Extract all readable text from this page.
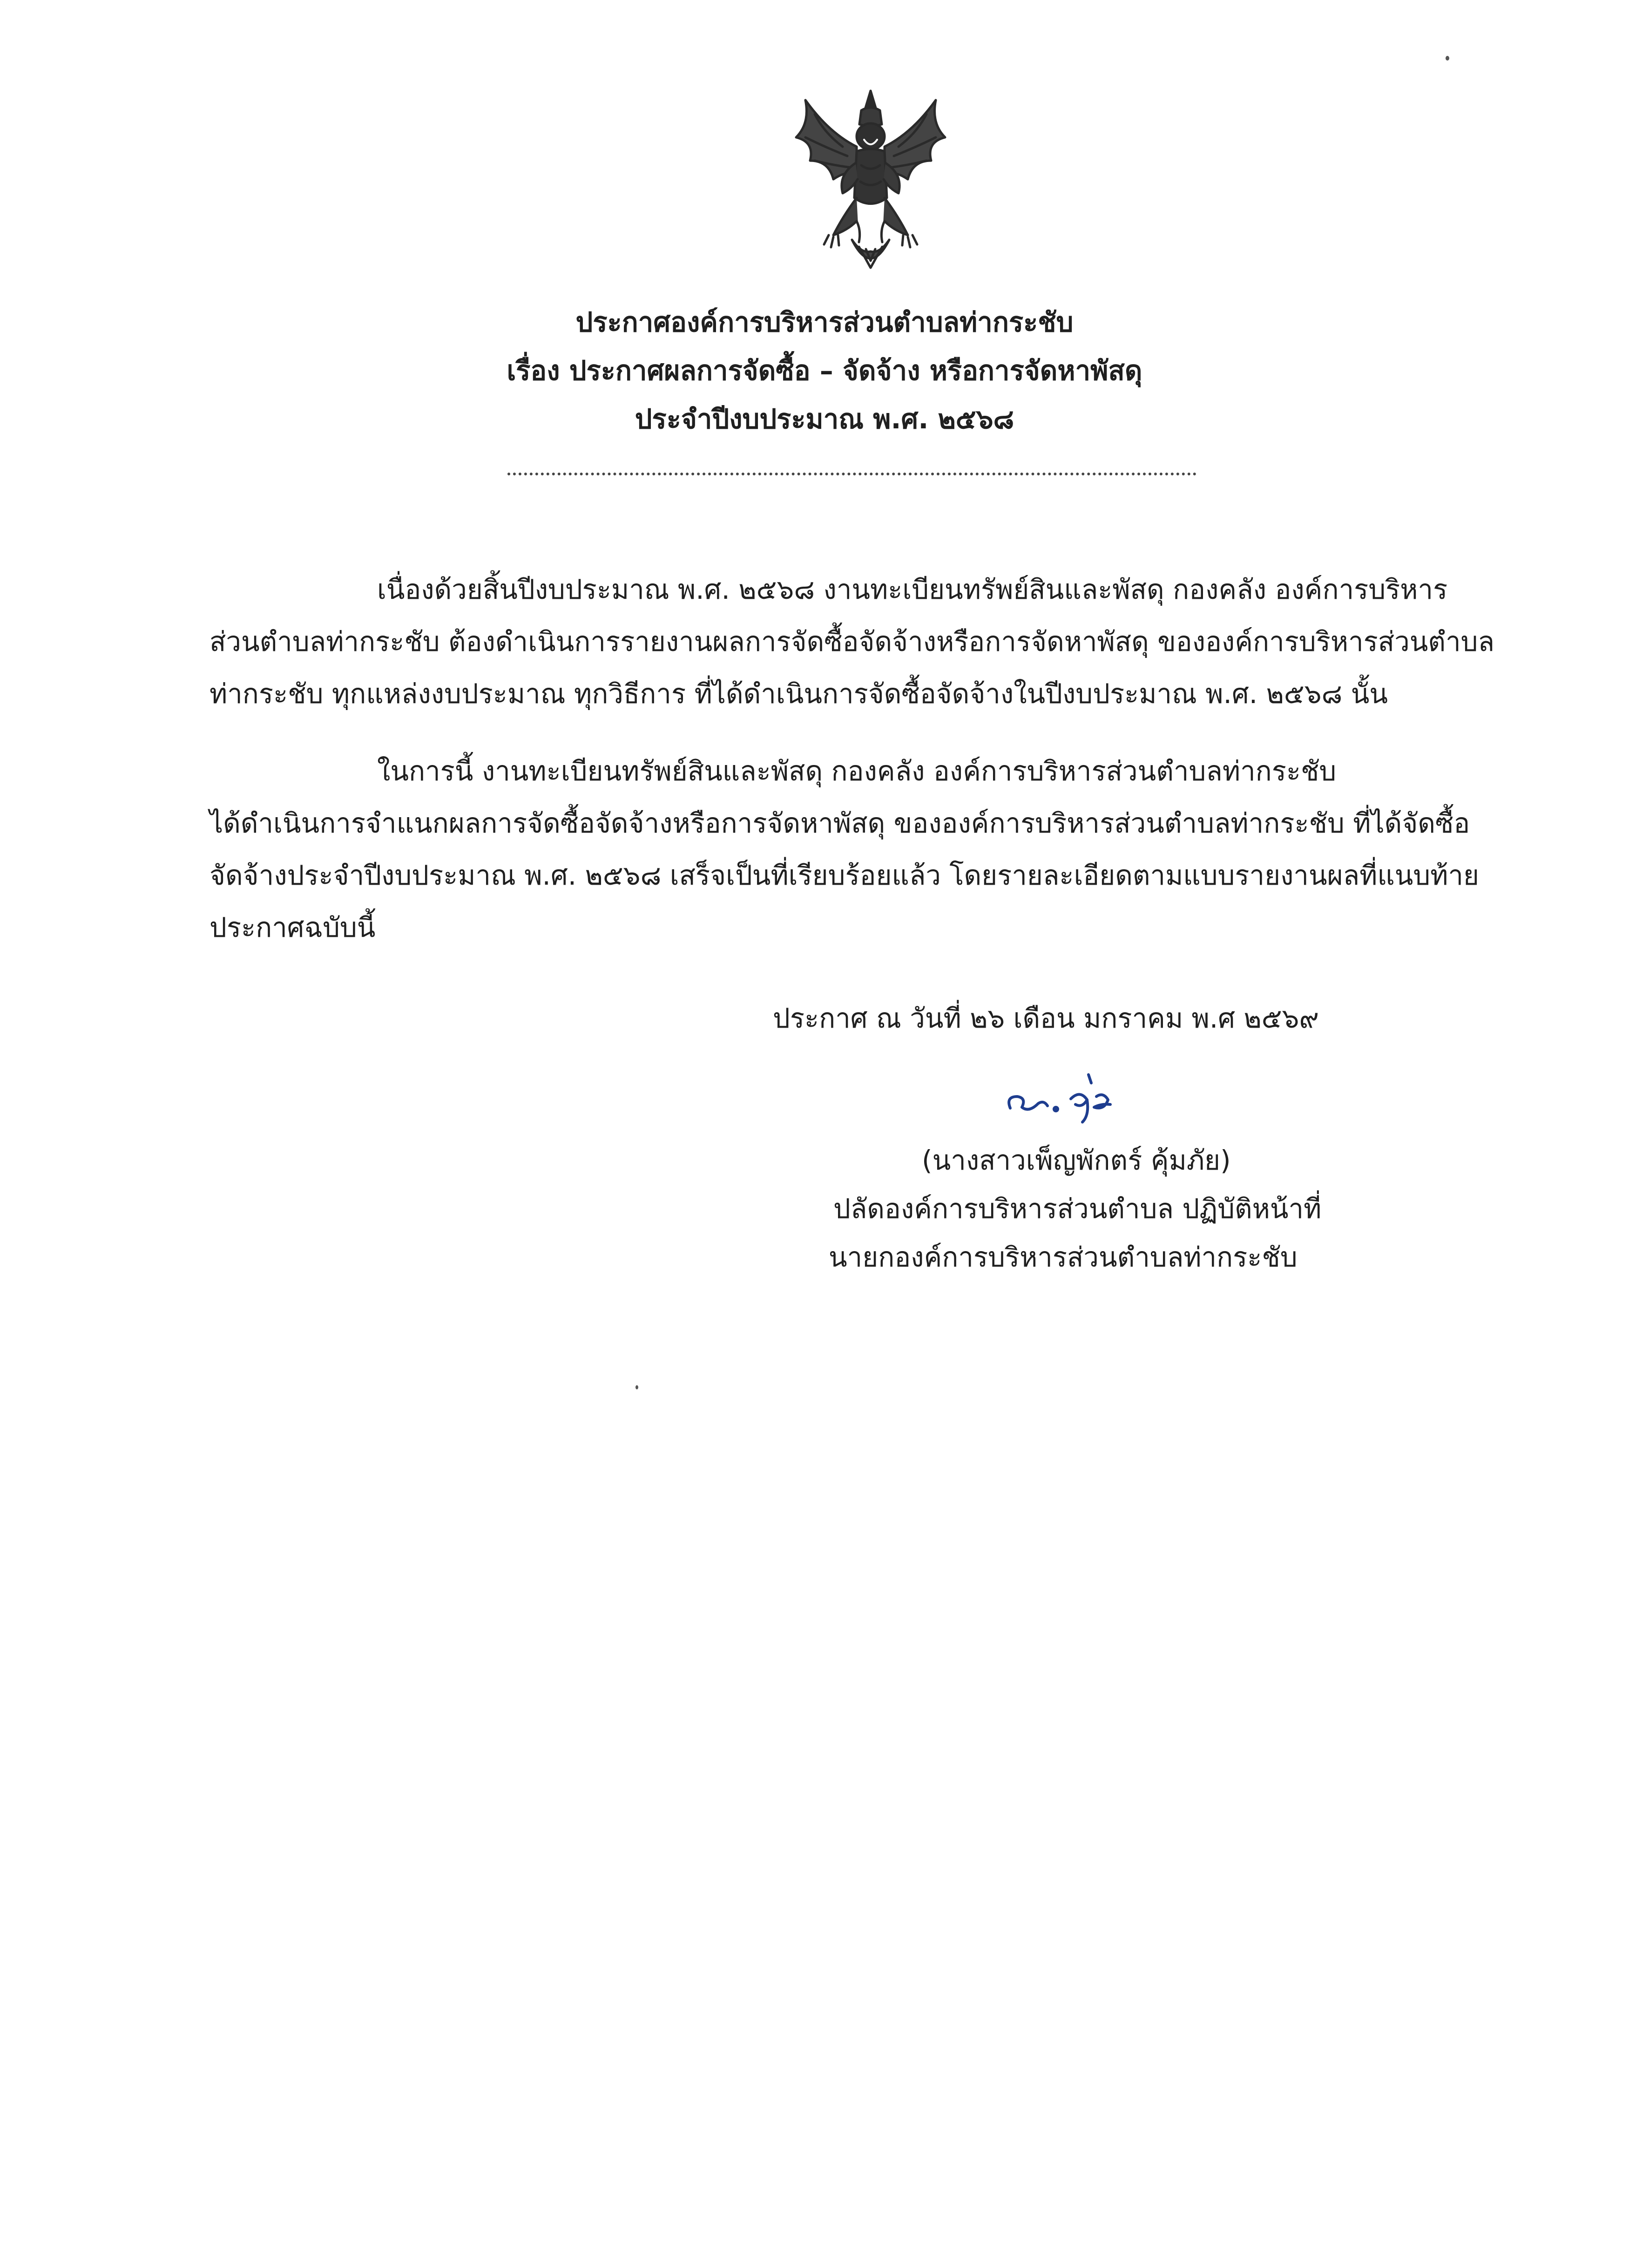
ประกาศองค์การบริหารส่วนตำบลท่ากระชับ
เรื่อง ประกาศผลการจัดซื้อ – จัดจ้าง หรือการจัดหาพัสดุ
ประจำปีงบประมาณ พ.ศ. ๒๕๖๘
เนื่องด้วยสิ้นปีงบประมาณ พ.ศ. ๒๕๖๘ งานทะเบียนทรัพย์สินและพัสดุ กองคลัง องค์การบริหาร
ส่วนตำบลท่ากระชับ ต้องดำเนินการรายงานผลการจัดซื้อจัดจ้างหรือการจัดหาพัสดุ ขององค์การบริหารส่วนตำบล
ท่ากระชับ ทุกแหล่งงบประมาณ ทุกวิธีการ ที่ได้ดำเนินการจัดซื้อจัดจ้างในปีงบประมาณ พ.ศ. ๒๕๖๘ นั้น
ในการนี้ งานทะเบียนทรัพย์สินและพัสดุ กองคลัง องค์การบริหารส่วนตำบลท่ากระชับ
ได้ดำเนินการจำแนกผลการจัดซื้อจัดจ้างหรือการจัดหาพัสดุ ขององค์การบริหารส่วนตำบลท่ากระชับ ที่ได้จัดซื้อ
จัดจ้างประจำปีงบประมาณ พ.ศ. ๒๕๖๘ เสร็จเป็นที่เรียบร้อยแล้ว โดยรายละเอียดตามแบบรายงานผลที่แนบท้าย
ประกาศฉบับนี้
ประกาศ ณ วันที่ ๒๖ เดือน มกราคม พ.ศ ๒๕๖๙
(นางสาวเพ็ญพักตร์ คุ้มภัย)
ปลัดองค์การบริหารส่วนตำบล ปฏิบัติหน้าที่
นายกองค์การบริหารส่วนตำบลท่ากระชับ
